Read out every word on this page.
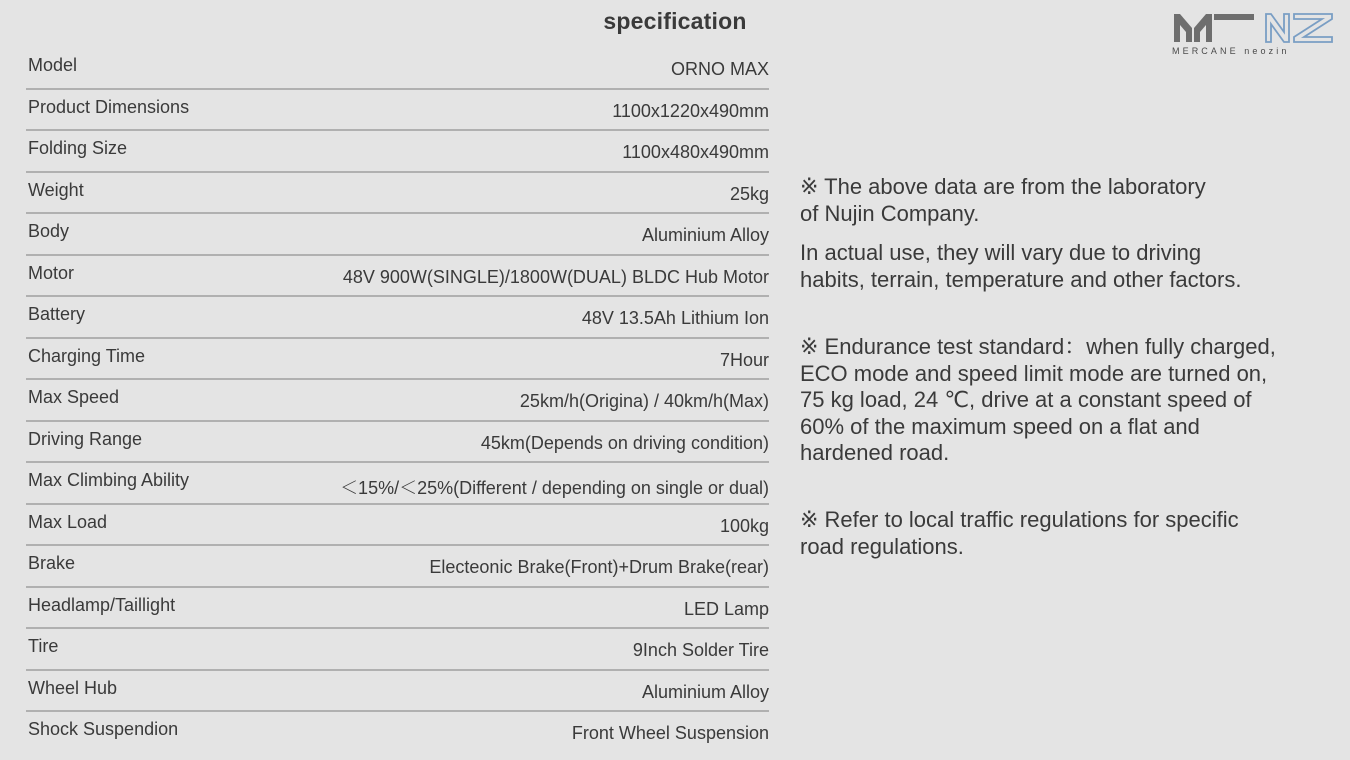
specification
MERCANE neozin
Model	ORNO MAX
Product Dimensions	1100x1220x490mm
Folding Size	1100x480x490mm
Weight	25kg
Body	Aluminium Alloy
Motor	48V 900W(SINGLE)/1800W(DUAL) BLDC Hub Motor
Battery	48V 13.5Ah Lithium Ion
Charging Time	7Hour
Max Speed	25km/h(Origina) / 40km/h(Max)
Driving Range	45km(Depends on driving condition)
Max Climbing Ability	＜15%/＜25%(Different / depending on single or dual)
Max Load	100kg
Brake	Electeonic Brake(Front)+Drum Brake(rear)
Headlamp/Taillight	LED Lamp
Tire	9Inch Solder Tire
Wheel Hub	Aluminium Alloy
Shock Suspendion	Front Wheel Suspension
※ The above data are from the laboratory
of Nujin Company.
In actual use, they will vary due to driving
habits, terrain, temperature and other factors.
※ Endurance test standard：when fully charged,
ECO mode and speed limit mode are turned on,
75 kg load, 24 ℃, drive at a constant speed of
60% of the maximum speed on a flat and
hardened road.
※ Refer to local traffic regulations for specific
road regulations.
